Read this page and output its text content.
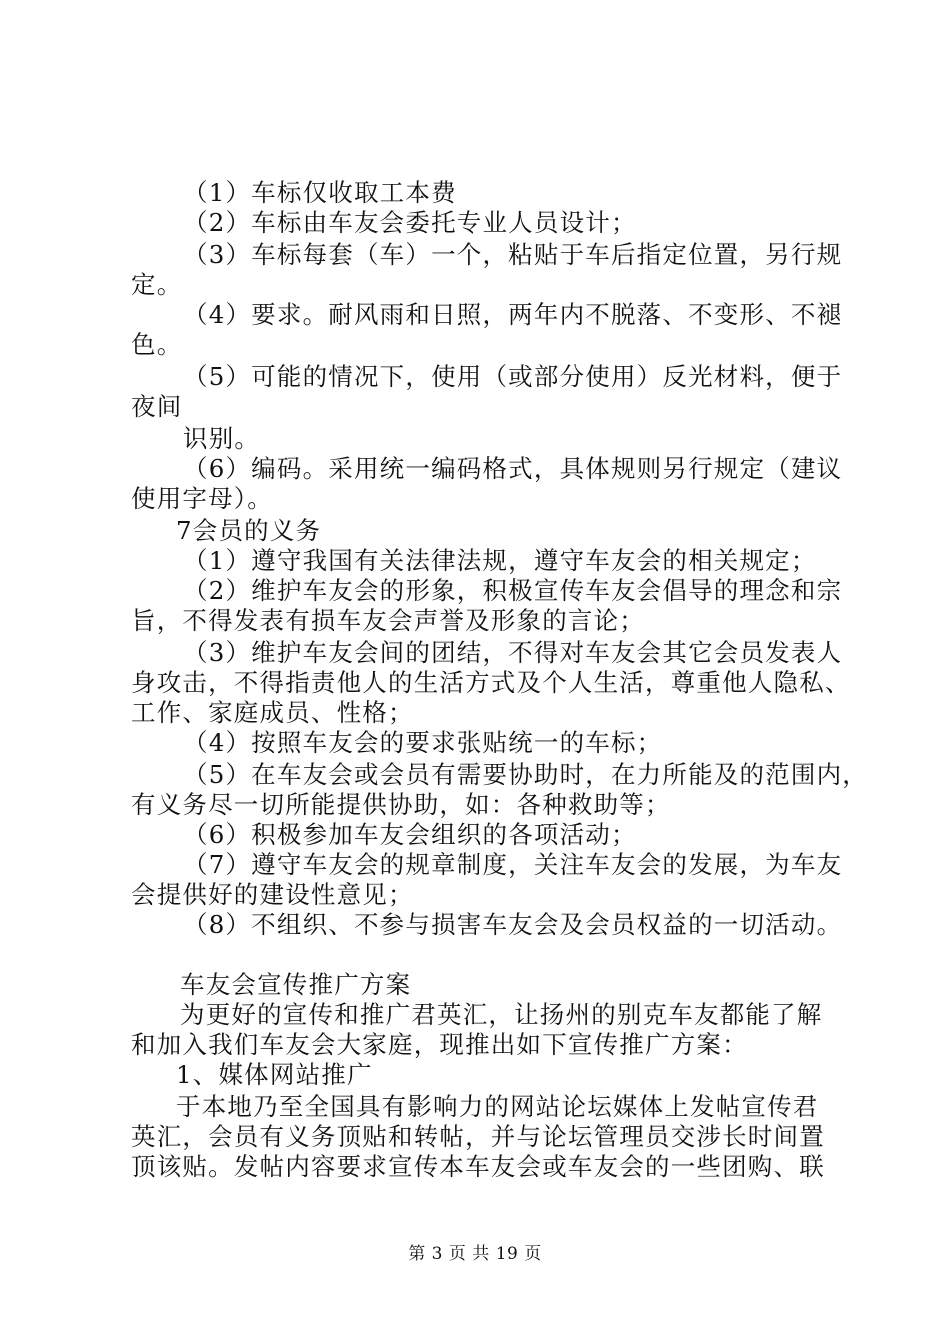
（1）车标仅收取工本费
（2）车标由车友会委托专业人员设计；
（3）车标每套（车）一个，粘贴于车后指定位置，另行规
定。
（4）要求。耐风雨和日照，两年内不脱落、不变形、不褪
色。
（5）可能的情况下，使用（或部分使用）反光材料，便于
夜间
识别。
（6）编码。采用统一编码格式，具体规则另行规定（建议
使用字母）。
7会员的义务
（1）遵守我国有关法律法规，遵守车友会的相关规定；
（2）维护车友会的形象，积极宣传车友会倡导的理念和宗
旨，不得发表有损车友会声誉及形象的言论；
（3）维护车友会间的团结，不得对车友会其它会员发表人
身攻击，不得指责他人的生活方式及个人生活，尊重他人隐私、
工作、家庭成员、性格；
（4）按照车友会的要求张贴统一的车标；
（5）在车友会或会员有需要协助时，在力所能及的范围内，
有义务尽一切所能提供协助，如：各种救助等；
（6）积极参加车友会组织的各项活动；
（7）遵守车友会的规章制度，关注车友会的发展，为车友
会提供好的建设性意见；
（8）不组织、不参与损害车友会及会员权益的一切活动。
车友会宣传推广方案
为更好的宣传和推广君英汇，让扬州的别克车友都能了解
和加入我们车友会大家庭，现推出如下宣传推广方案：
1、媒体网站推广
于本地乃至全国具有影响力的网站论坛媒体上发帖宣传君
英汇，会员有义务顶贴和转帖，并与论坛管理员交涉长时间置
顶该贴。发帖内容要求宣传本车友会或车友会的一些团购、联
第 3 页 共 19 页
